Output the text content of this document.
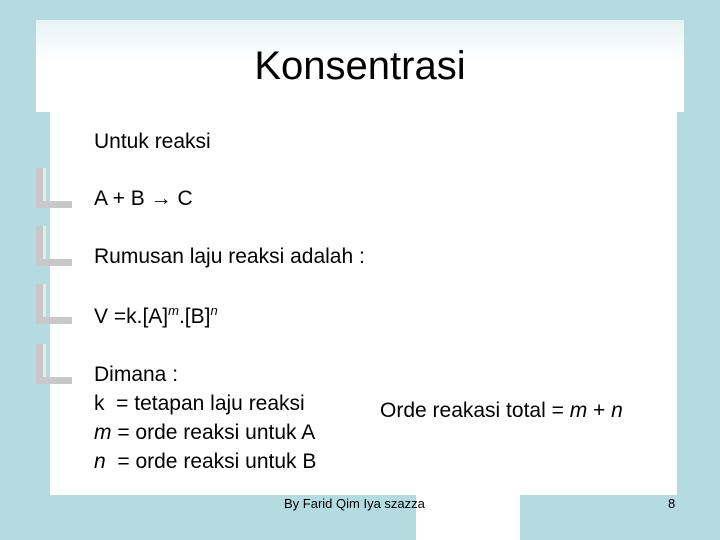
Konsentrasi
Untuk reaksi
A + B → C
Rumusan laju reaksi adalah :
$V =k.[A]^m.[B]^n$
Dimana :
k  = tetapan laju reaksi
m = orde reaksi untuk A
n  = orde reaksi untuk B
Orde reakasi total = m + n
By Farid Qim Iya szazza	8
